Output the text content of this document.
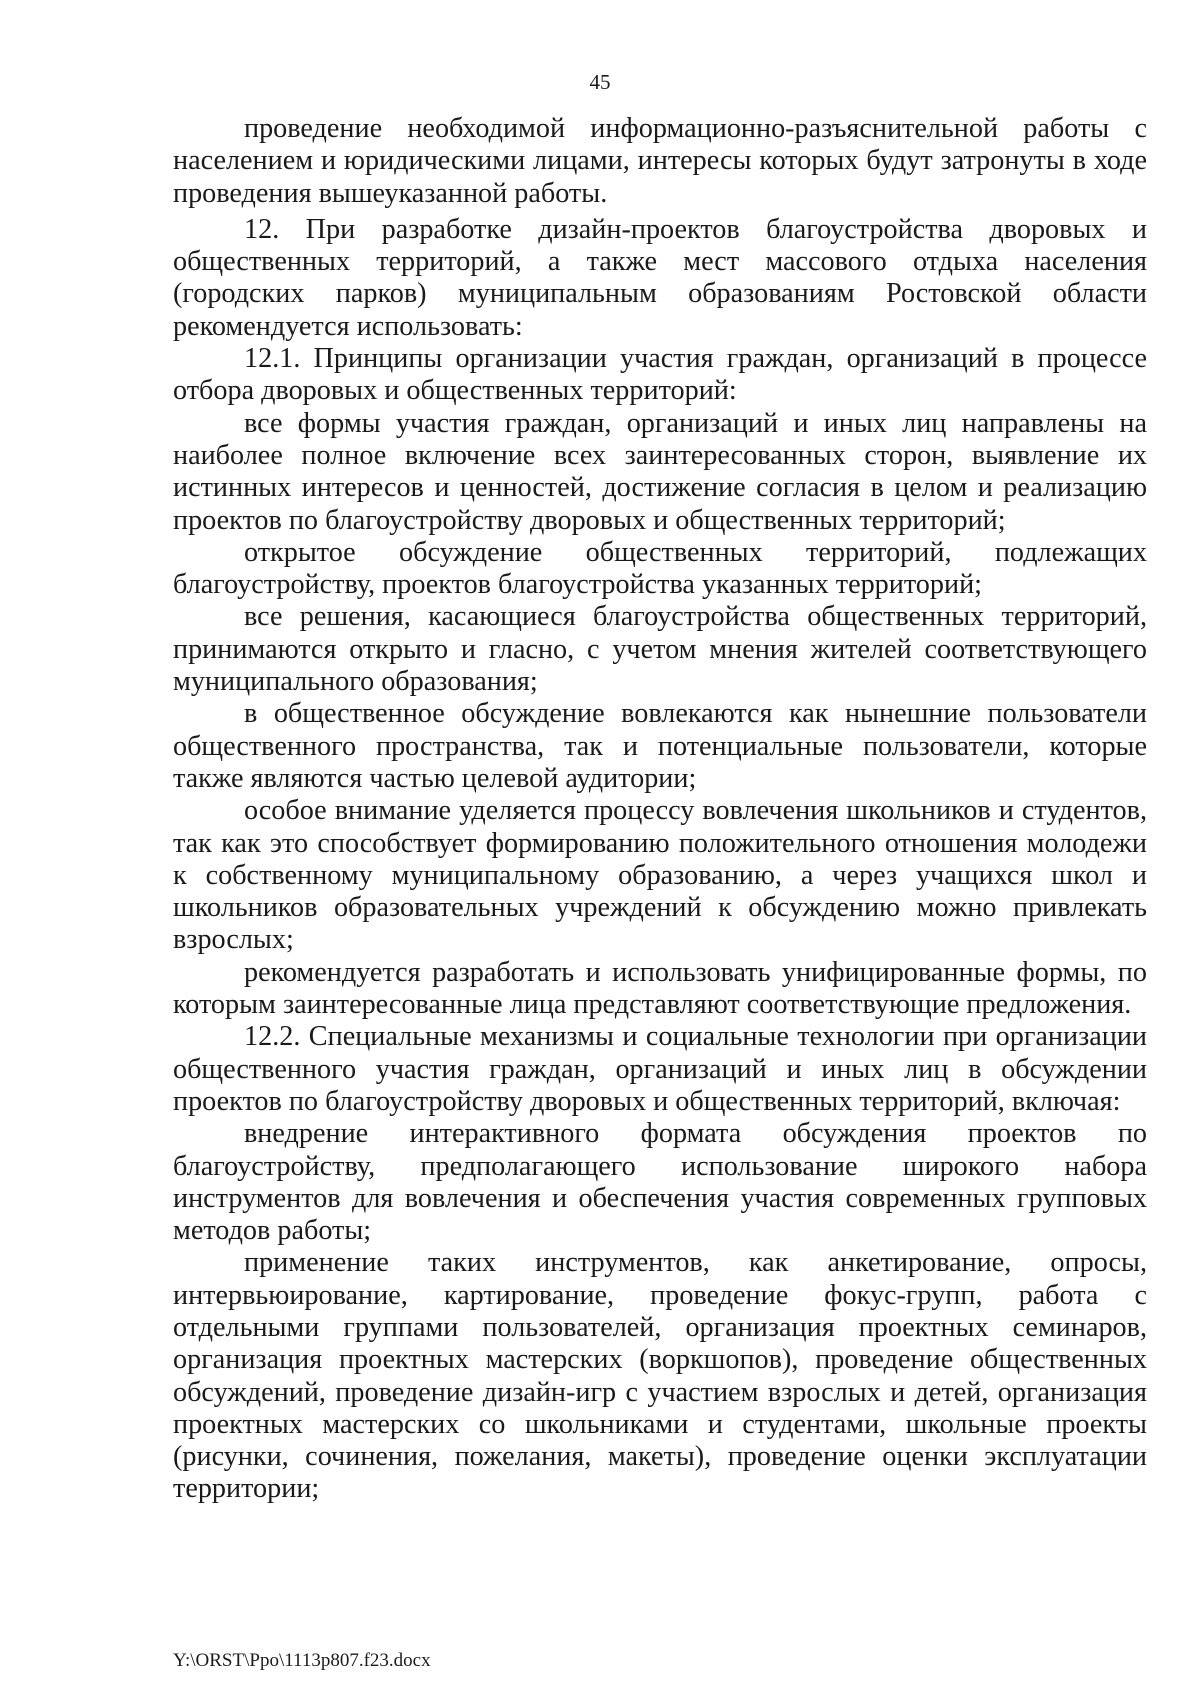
45

проведение необходимой информационно-разъяснительной работы с населением и юридическими лицами, интересы которых будут затронуты в ходе проведения вышеуказанной работы.

12. При разработке дизайн-проектов благоустройства дворовых и общественных территорий, а также мест массового отдыха населения (городских парков) муниципальным образованиям Ростовской области рекомендуется использовать:

12.1. Принципы организации участия граждан, организаций в процессе отбора дворовых и общественных территорий:

все формы участия граждан, организаций и иных лиц направлены на наиболее полное включение всех заинтересованных сторон, выявление их истинных интересов и ценностей, достижение согласия в целом и реализацию проектов по благоустройству дворовых и общественных территорий;

открытое обсуждение общественных территорий, подлежащих благоустройству, проектов благоустройства указанных территорий;

все решения, касающиеся благоустройства общественных территорий, принимаются открыто и гласно, с учетом мнения жителей соответствующего муниципального образования;

в общественное обсуждение вовлекаются как нынешние пользователи общественного пространства, так и потенциальные пользователи, которые также являются частью целевой аудитории;

особое внимание уделяется процессу вовлечения школьников и студентов, так как это способствует формированию положительного отношения молодежи к собственному муниципальному образованию, а через учащихся школ и школьников образовательных учреждений к обсуждению можно привлекать взрослых;

рекомендуется разработать и использовать унифицированные формы, по которым заинтересованные лица представляют соответствующие предложения.

12.2. Специальные механизмы и социальные технологии при организации общественного участия граждан, организаций и иных лиц в обсуждении проектов по благоустройству дворовых и общественных территорий, включая:

внедрение интерактивного формата обсуждения проектов по благоустройству, предполагающего использование широкого набора инструментов для вовлечения и обеспечения участия современных групповых методов работы;

применение таких инструментов, как анкетирование, опросы, интервьюирование, картирование, проведение фокус-групп, работа с отдельными группами пользователей, организация проектных семинаров, организация проектных мастерских (воркшопов), проведение общественных обсуждений, проведение дизайн-игр с участием взрослых и детей, организация проектных мастерских со школьниками и студентами, школьные проекты (рисунки, сочинения, пожелания, макеты), проведение оценки эксплуатации территории;

Y:\ORST\Ppo\1113p807.f23.docx
